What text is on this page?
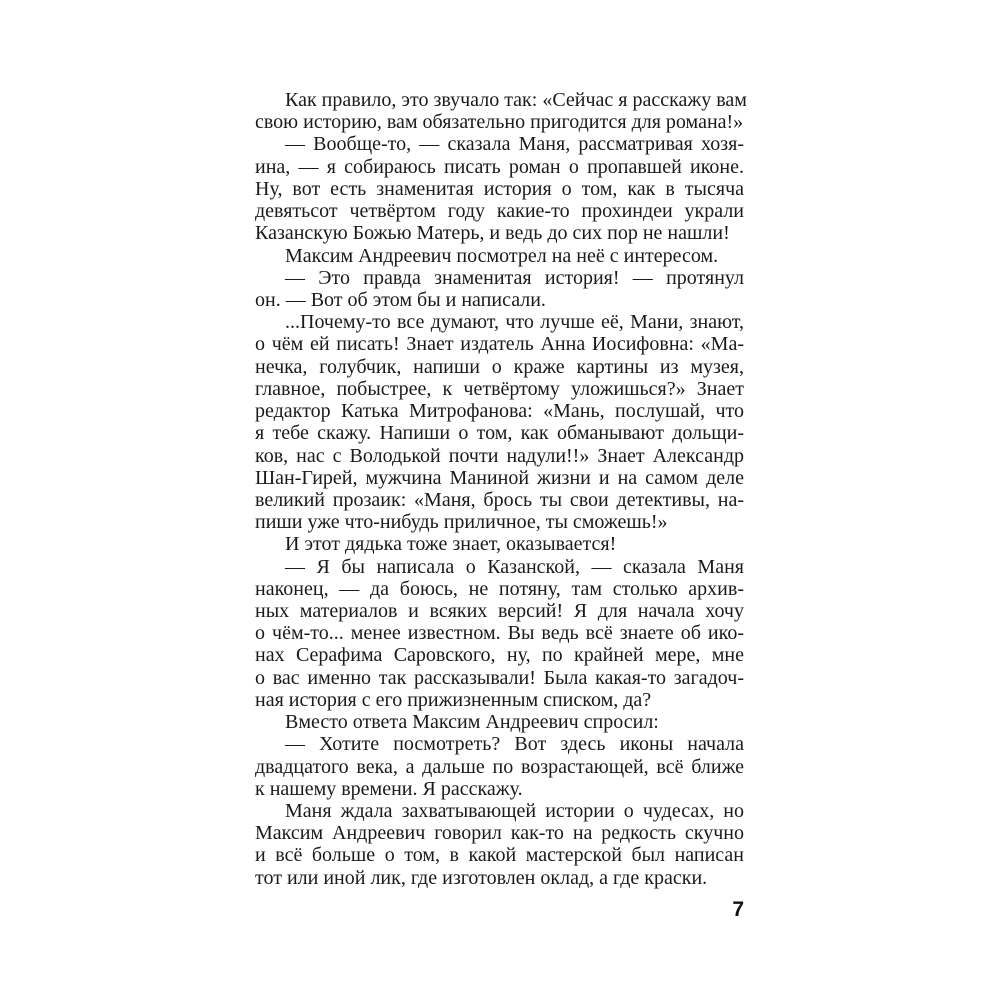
Как правило, это звучало так: «Сейчас я расскажу вам
свою историю, вам обязательно пригодится для романа!»
— Вообще-то, — сказала Маня, рассматривая хозя-
ина, — я собираюсь писать роман о пропавшей иконе.
Ну, вот есть знаменитая история о том, как в тысяча
девятьсот четвёртом году какие-то прохиндеи украли
Казанскую Божью Матерь, и ведь до сих пор не нашли!
Максим Андреевич посмотрел на неё с интересом.
— Это правда знаменитая история! — протянул
он. — Вот об этом бы и написали.
...Почему-то все думают, что лучше её, Мани, знают,
о чём ей писать! Знает издатель Анна Иосифовна: «Ма-
нечка, голубчик, напиши о краже картины из музея,
главное, побыстрее, к четвёртому уложишься?» Знает
редактор Катька Митрофанова: «Мань, послушай, что
я тебе скажу. Напиши о том, как обманывают дольщи-
ков, нас с Володькой почти надули!!» Знает Александр
Шан-Гирей, мужчина Маниной жизни и на самом деле
великий прозаик: «Маня, брось ты свои детективы, на-
пиши уже что-нибудь приличное, ты сможешь!»
И этот дядька тоже знает, оказывается!
— Я бы написала о Казанской, — сказала Маня
наконец, — да боюсь, не потяну, там столько архив-
ных материалов и всяких версий! Я для начала хочу
о чём-то... менее известном. Вы ведь всё знаете об ико-
нах Серафима Саровского, ну, по крайней мере, мне
о вас именно так рассказывали! Была какая-то загадоч-
ная история с его прижизненным списком, да?
Вместо ответа Максим Андреевич спросил:
— Хотите посмотреть? Вот здесь иконы начала
двадцатого века, а дальше по возрастающей, всё ближе
к нашему времени. Я расскажу.
Маня ждала захватывающей истории о чудесах, но
Максим Андреевич говорил как-то на редкость скучно
и всё больше о том, в какой мастерской был написан
тот или иной лик, где изготовлен оклад, а где краски.
7
